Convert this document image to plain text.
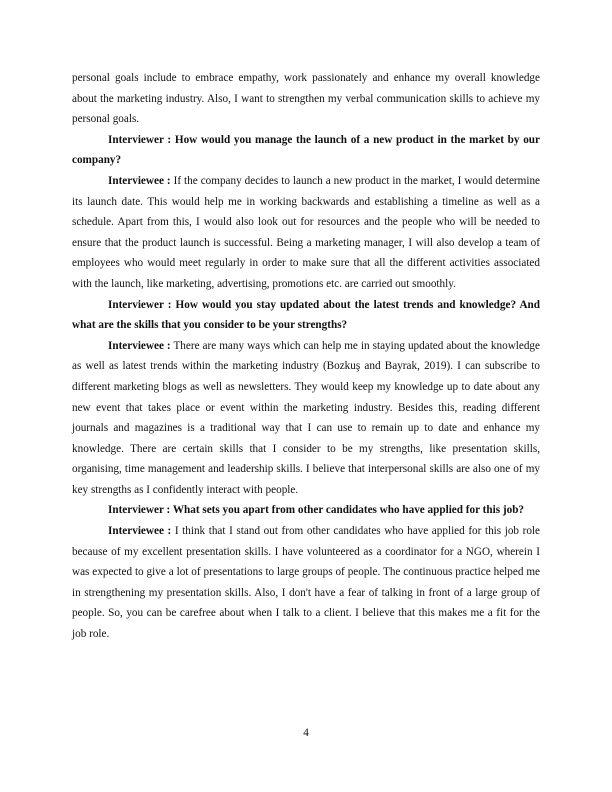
personal goals include to embrace empathy, work passionately and enhance my overall knowledge about the marketing industry. Also, I want to strengthen my verbal communication skills to achieve my personal goals.

Interviewer : How would you manage the launch of a new product in the market by our company?

Interviewee : If the company decides to launch a new product in the market, I would determine its launch date. This would help me in working backwards and establishing a timeline as well as a schedule. Apart from this, I would also look out for resources and the people who will be needed to ensure that the product launch is successful. Being a marketing manager, I will also develop a team of employees who would meet regularly in order to make sure that all the different activities associated with the launch, like marketing, advertising, promotions etc. are carried out smoothly.

Interviewer : How would you stay updated about the latest trends and knowledge? And what are the skills that you consider to be your strengths?

Interviewee : There are many ways which can help me in staying updated about the knowledge as well as latest trends within the marketing industry (Bozkuş and Bayrak, 2019). I can subscribe to different marketing blogs as well as newsletters. They would keep my knowledge up to date about any new event that takes place or event within the marketing industry. Besides this, reading different journals and magazines is a traditional way that I can use to remain up to date and enhance my knowledge. There are certain skills that I consider to be my strengths, like presentation skills, organising, time management and leadership skills. I believe that interpersonal skills are also one of my key strengths as I confidently interact with people.

Interviewer : What sets you apart from other candidates who have applied for this job?

Interviewee : I think that I stand out from other candidates who have applied for this job role because of my excellent presentation skills. I have volunteered as a coordinator for a NGO, wherein I was expected to give a lot of presentations to large groups of people. The continuous practice helped me in strengthening my presentation skills. Also, I don't have a fear of talking in front of a large group of people. So, you can be carefree about when I talk to a client. I believe that this makes me a fit for the job role.

4
